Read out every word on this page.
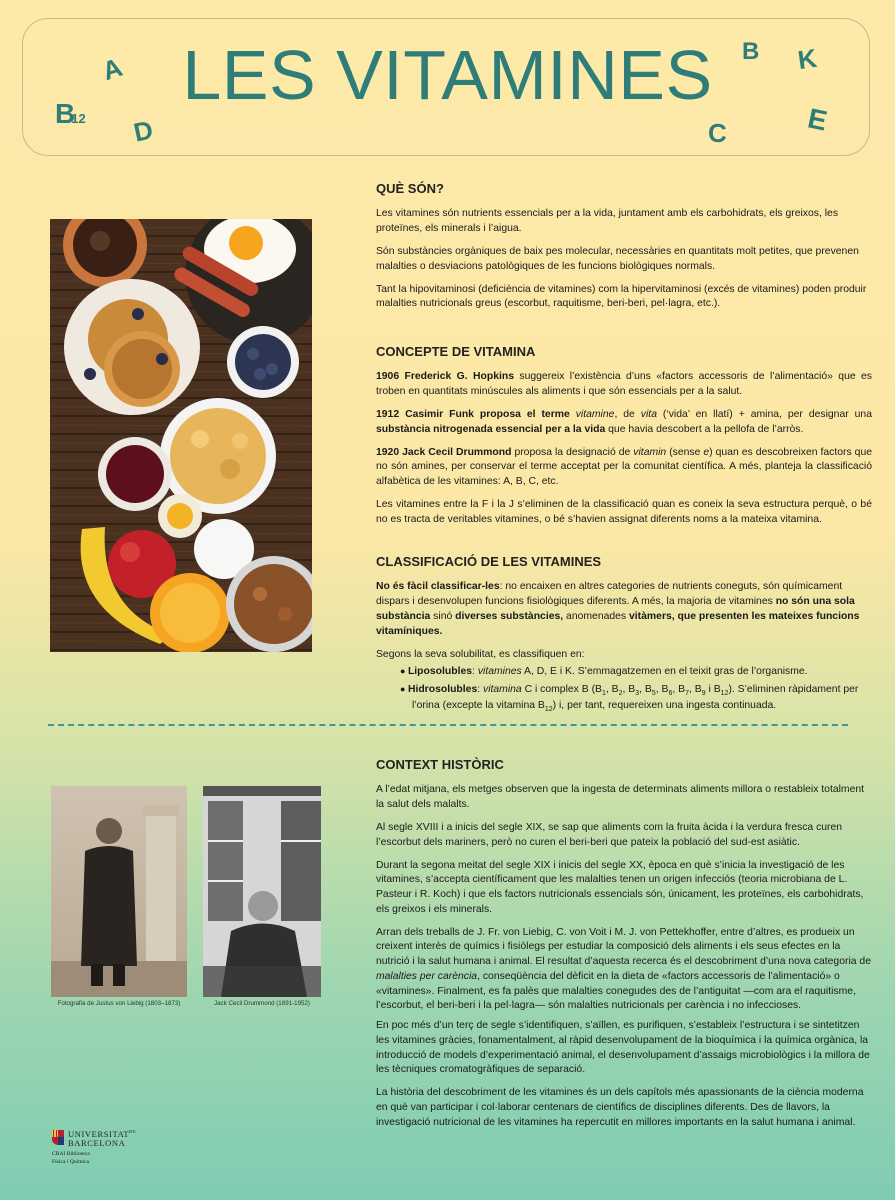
LES VITAMINES
B12
A
D
B K
C	E
QUÈ SÓN?

Les vitamines són nutrients essencials per a la vida, juntament amb els carbohidrats, els greixos, les proteïnes, els minerals i l’aigua.

Són substàncies orgàniques de baix pes molecular, necessàries en quantitats molt petites, que prevenen malalties o desviacions patològiques de les funcions biològiques normals.

Tant la hipovitaminosi (deficiència de vitamines) com la hipervitaminosi (excés de vitamines) poden produir malalties nutricionals greus (escorbut, raquitisme, beri-beri, pel·lagra, etc.).

CONCEPTE DE VITAMINA

1906 Frederick G. Hopkins suggereix l’existència d’uns «factors accessoris de l’alimentació» que es troben en quantitats minúscules als aliments i que són essencials per a la salut.

1912 Casimir Funk proposa el terme vitamine, de vita (‘vida’ en llatí) + amina, per designar una substància nitrogenada essencial per a la vida que havia descobert a la pellofa de l’arròs.

1920 Jack Cecil Drummond proposa la designació de vitamin (sense e) quan es descobreixen factors que no són amines, per conservar el terme acceptat per la comunitat científica. A més, planteja la classificació alfabètica de les vitamines: A, B, C, etc.

Les vitamines entre la F i la J s’eliminen de la classificació quan es coneix la seva estructura perquè, o bé no es tracta de veritables vitamines, o bé s’havien assignat diferents noms a la mateixa vitamina.

CLASSIFICACIÓ DE LES VITAMINES

No és fàcil classificar-les: no encaixen en altres categories de nutrients coneguts, són químicament dispars i desenvolupen funcions fisiològiques diferents. A més, la majoria de vitamines no són una sola substància sinó diverses substàncies, anomenades vitàmers, que presenten les mateixes funcions vitamíniques.

Segons la seva solubilitat, es classifiquen en:

● Liposolubles: vitamines A, D, E i K. S’emmagatzemen en el teixit gras de l’organisme.
● Hidrosolubles: vitamina C i complex B ($B_1$, $B_2$, $B_3$, $B_5$, $B_6$, $B_7$, $B_9$ i $B_{12}$). S’eliminen ràpidament per l’orina (excepte la vitamina $B_{12}$) i, per tant, requereixen una ingesta continuada.
Fotografia de Justus von Liebig (1803–1873)	Jack Cecil Drummond (1891-1952)
CONTEXT HISTÒRIC

A l’edat mitjana, els metges observen que la ingesta de determinats aliments millora o restableix totalment la salut dels malalts.

Al segle XVIII i a inicis del segle XIX, se sap que aliments com la fruita àcida i la verdura fresca curen l’escorbut dels mariners, però no curen el beri-beri que pateix la població del sud-est asiàtic.

Durant la segona meitat del segle XIX i inicis del segle XX, època en què s’inicia la investigació de les vitamines, s’accepta científicament que les malalties tenen un origen infecciós (teoria microbiana de L. Pasteur i R. Koch) i que els factors nutricionals essencials són, únicament, les proteïnes, els carbohidrats, els greixos i els minerals.

Arran dels treballs de J. Fr. von Liebig, C. von Voit i M. J. von Pettekhoffer, entre d’altres, es produeix un creixent interès de químics i fisiòlegs per estudiar la composició dels aliments i els seus efectes en la nutrició i la salut humana i animal. El resultat d’aquesta recerca és el descobriment d’una nova categoria de malalties per carència, conseqüència del dèficit en la dieta de «factors accessoris de l’alimentació» o «vitamines». Finalment, es fa palès que malalties conegudes des de l’antiguitat —com ara el raquitisme, l’escorbut, el beri-beri i la pel·lagra— són malalties nutricionals per carència i no infeccioses.

En poc més d’un terç de segle s’identifiquen, s’aïllen, es purifiquen, s’estableix l’estructura i se sintetitzen les vitamines gràcies, fonamentalment, al ràpid desenvolupament de la bioquímica i la química orgànica, la introducció de models d’experimentació animal, el desenvolupament d’assaigs microbiològics i la millora de les tècniques cromatogràfiques de separació.

La història del descobriment de les vitamines és un dels capítols més apassionants de la ciència moderna en què van participar i col·laborar centenars de científics de disciplines diferents. Des de llavors, la investigació nutricional de les vitamines ha repercutit en millores importants en la salut humana i animal.

$UNIVERSITAT^{DE}$
BARCELONA
CRAI Biblioteca
Física i Química
